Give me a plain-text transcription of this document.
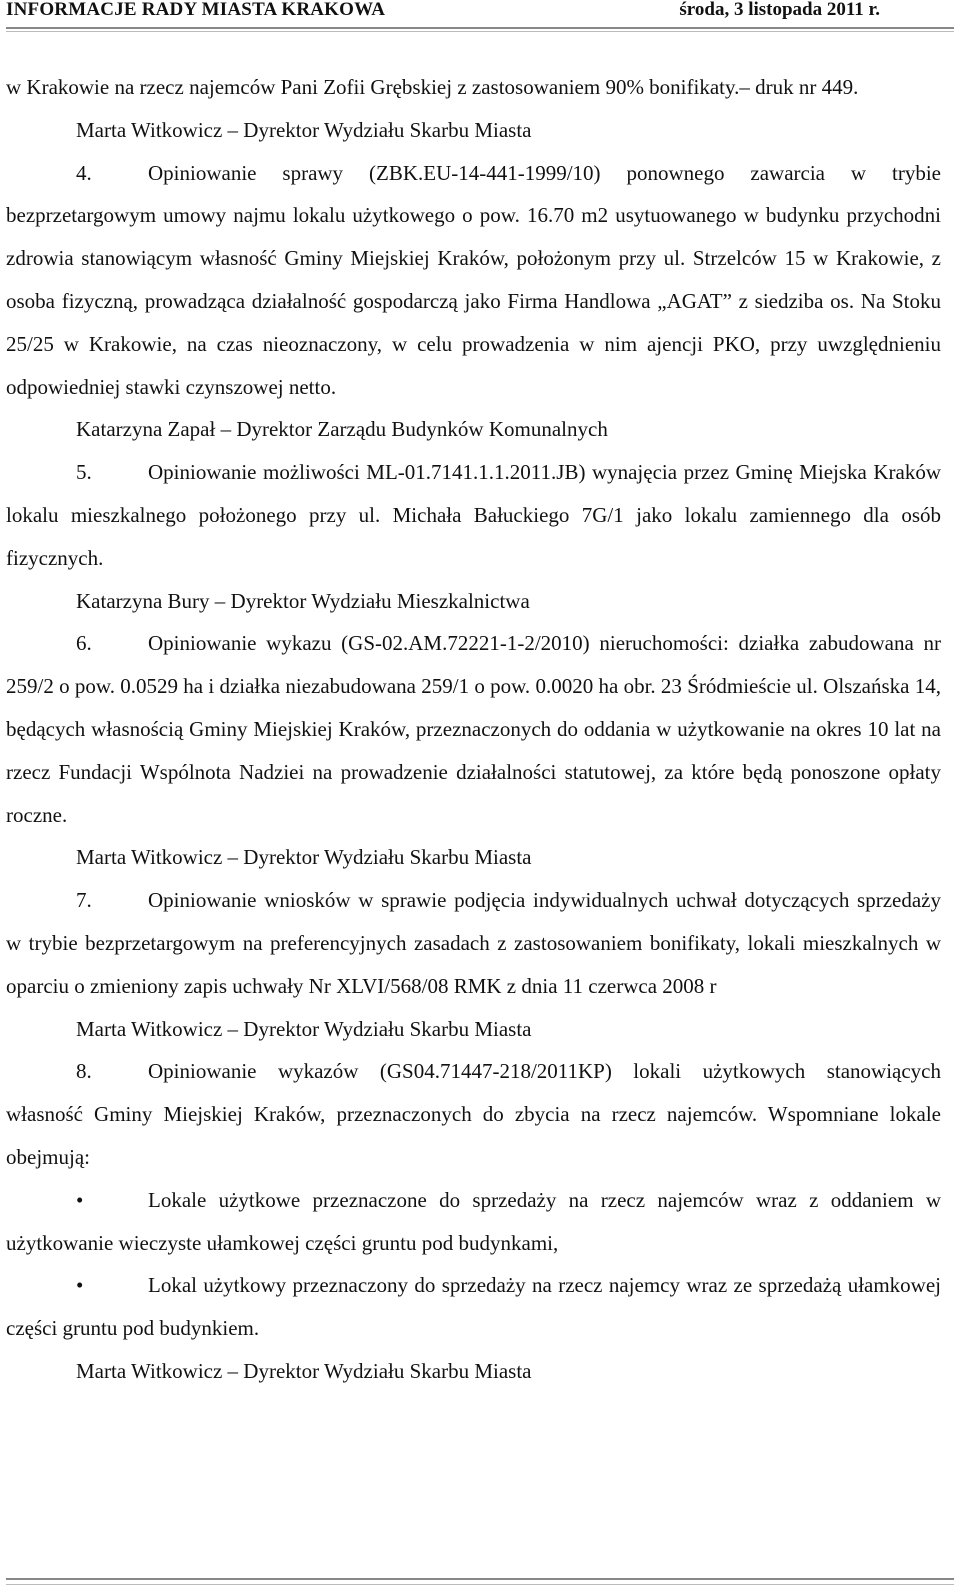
INFORMACJE RADY MIASTA KRAKOWA	środa, 3 listopada 2011 r.

w Krakowie na rzecz najemców Pani Zofii Grębskiej z zastosowaniem 90% bonifikaty.– druk nr 449.

Marta Witkowicz – Dyrektor Wydziału Skarbu Miasta

4.	Opiniowanie sprawy (ZBK.EU-14-441-1999/10) ponownego zawarcia w trybie bezprzetargowym umowy najmu lokalu użytkowego o pow. 16.70 m2 usytuowanego w budynku przychodni zdrowia stanowiącym własność Gminy Miejskiej Kraków, położonym przy ul. Strzelców 15 w Krakowie, z osoba fizyczną, prowadząca działalność gospodarczą jako Firma Handlowa „AGAT” z siedziba os. Na Stoku 25/25 w Krakowie, na czas nieoznaczony, w celu prowadzenia w nim ajencji PKO, przy uwzględnieniu odpowiedniej stawki czynszowej netto.

Katarzyna Zapał – Dyrektor Zarządu Budynków Komunalnych

5.	Opiniowanie możliwości ML-01.7141.1.1.2011.JB) wynajęcia przez Gminę Miejska Kraków lokalu mieszkalnego położonego przy ul. Michała Bałuckiego 7G/1 jako lokalu zamiennego dla osób fizycznych.

Katarzyna Bury – Dyrektor Wydziału Mieszkalnictwa

6.	Opiniowanie wykazu (GS-02.AM.72221-1-2/2010) nieruchomości: działka zabudowana nr 259/2 o pow. 0.0529 ha i działka niezabudowana 259/1 o pow. 0.0020 ha obr. 23 Śródmieście ul. Olszańska 14, będących własnością Gminy Miejskiej Kraków, przeznaczonych do oddania w użytkowanie na okres 10 lat na rzecz Fundacji Wspólnota Nadziei na prowadzenie działalności statutowej, za które będą ponoszone opłaty roczne.

Marta Witkowicz – Dyrektor Wydziału Skarbu Miasta

7.	Opiniowanie wniosków w sprawie podjęcia indywidualnych uchwał dotyczących sprzedaży w trybie bezprzetargowym na preferencyjnych zasadach z zastosowaniem bonifikaty, lokali mieszkalnych w oparciu o zmieniony zapis uchwały Nr XLVI/568/08 RMK z dnia 11 czerwca 2008 r

Marta Witkowicz – Dyrektor Wydziału Skarbu Miasta

8.	Opiniowanie wykazów (GS04.71447-218/2011KP) lokali użytkowych stanowiących własność Gminy Miejskiej Kraków, przeznaczonych do zbycia na rzecz najemców. Wspomniane lokale obejmują:

•	Lokale użytkowe przeznaczone do sprzedaży na rzecz najemców wraz z oddaniem w użytkowanie wieczyste ułamkowej części gruntu pod budynkami,

•	Lokal użytkowy przeznaczony do sprzedaży na rzecz najemcy wraz ze sprzedażą ułamkowej części gruntu pod budynkiem.

Marta Witkowicz – Dyrektor Wydziału Skarbu Miasta
